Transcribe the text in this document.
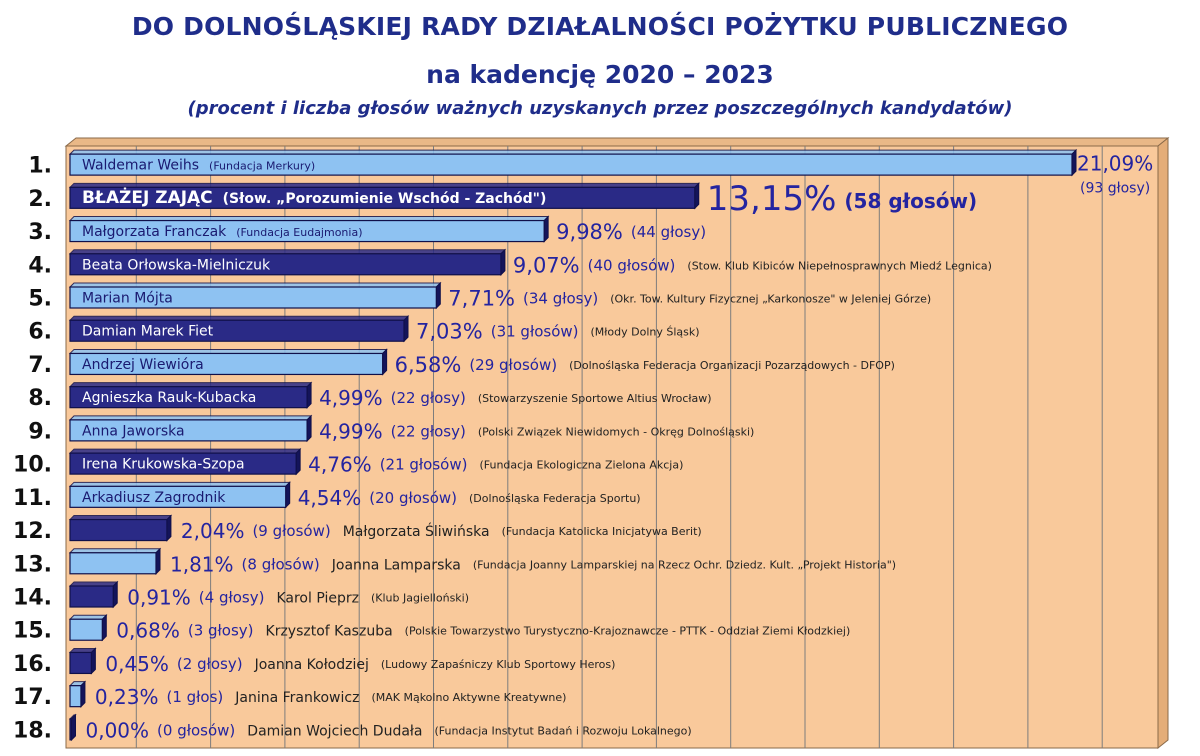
DO DOLNOŚLĄSKIEJ RADY DZIAŁALNOŚCI POŻYTKU PUBLICZNEGO
na kadencję 2020 – 2023
(procent i liczba głosów ważnych uzyskanych przez poszczególnych kandydatów)
1. Waldemar Weihs (Fundacja Merkury)	21,09%
(93 głosy)
2. BŁAŻEJ ZAJĄC (Słow. „Porozumienie Wschód - Zachód")	13,15% (58 głosów)
3. Małgorzata Franczak (Fundacja Eudajmonia)	9,98% (44 głosy)
4. Beata Orłowska-Mielniczuk	9,07% (40 głosów) (Stow. Klub Kibiców Niepełnosprawnych Miedź Legnica)
5. Marian Mójta	7,71% (34 głosy) (Okr. Tow. Kultury Fizycznej „Karkonosze" w Jeleniej Górze)
6. Damian Marek Fiet	7,03% (31 głosów) (Młody Dolny Śląsk)
7. Andrzej Wiewióra	6,58% (29 głosów) (Dolnośląska Federacja Organizacji Pozarządowych - DFOP)
8. Agnieszka Rauk-Kubacka	4,99% (22 głosy) (Stowarzyszenie Sportowe Altius Wrocław)
9. Anna Jaworska	4,99% (22 głosy) (Polski Związek Niewidomych - Okręg Dolnośląski)
10. Irena Krukowska-Szopa	4,76% (21 głosów) (Fundacja Ekologiczna Zielona Akcja)
11. Arkadiusz Zagrodnik	4,54% (20 głosów) (Dolnośląska Federacja Sportu)
12.	2,04% (9 głosów) Małgorzata Śliwińska (Fundacja Katolicka Inicjatywa Berit)
13.	1,81% (8 głosów) Joanna Lamparska (Fundacja Joanny Lamparskiej na Rzecz Ochr. Dziedz. Kult. „Projekt Historia")
14.	0,91% (4 głosy) Karol Pieprz (Klub Jagielloński)
15.	0,68% (3 głosy) Krzysztof Kaszuba (Polskie Towarzystwo Turystyczno-Krajoznawcze - PTTK - Oddział Ziemi Kłodzkiej)
16.	0,45% (2 głosy) Joanna Kołodziej (Ludowy Zapaśniczy Klub Sportowy Heros)
17. 0,23% (1 głos) Janina Frankowicz (MAK Mąkolno Aktywne Kreatywne)
18. 0,00% (0 głosów) Damian Wojciech Dudała (Fundacja Instytut Badań i Rozwoju Lokalnego)
